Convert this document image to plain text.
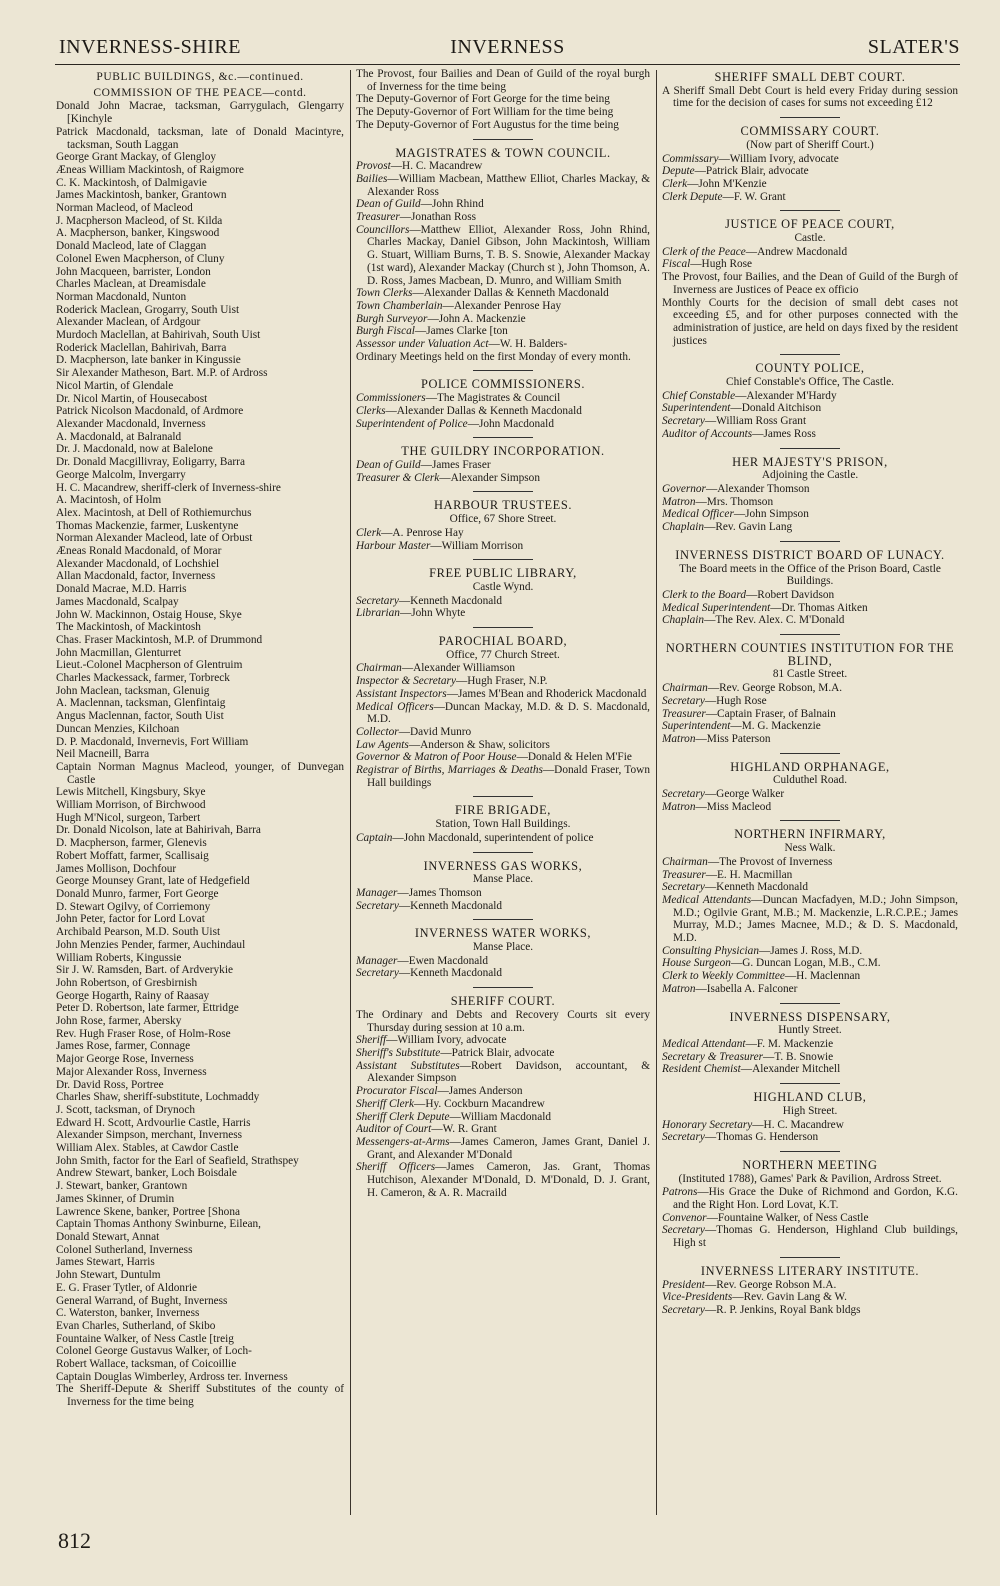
INVERNESS-SHIRE	INVERNESS	SLATER'S
PUBLIC BUILDINGS, &c.—continued.
COMMISSION OF THE PEACE—contd.
Donald John Macrae, tacksman, Garrygulach, Glengarry [Kinchyle
Patrick Macdonald, tacksman, late of Donald Macintyre, tacksman, South Laggan
George Grant Mackay, of Glengloy
Æneas William Mackintosh, of Raigmore
C. K. Mackintosh, of Dalmigavie
James Mackintosh, banker, Grantown
Norman Macleod, of Macleod
J. Macpherson Macleod, of St. Kilda
A. Macpherson, banker, Kingswood
Donald Macleod, late of Claggan
Colonel Ewen Macpherson, of Cluny
John Macqueen, barrister, London
Charles Maclean, at Dreamisdale
Norman Macdonald, Nunton
Roderick Maclean, Grogarry, South Uist
Alexander Maclean, of Ardgour
Murdoch Maclellan, at Bahirivah, South Uist
Roderick Maclellan, Bahirivah, Barra
D. Macpherson, late banker in Kingussie
Sir Alexander Matheson, Bart. M.P. of Ardross
Nicol Martin, of Glendale
Dr. Nicol Martin, of Housecabost
Patrick Nicolson Macdonald, of Ardmore
Alexander Macdonald, Inverness
A. Macdonald, at Balranald
Dr. J. Macdonald, now at Balelone
Dr. Donald Macgillivray, Eoligarry, Barra
George Malcolm, Invergarry
H. C. Macandrew, sheriff-clerk of Inverness-shire
A. Macintosh, of Holm
Alex. Macintosh, at Dell of Rothiemurchus
Thomas Mackenzie, farmer, Luskentyne
Norman Alexander Macleod, late of Orbust
Æneas Ronald Macdonald, of Morar
Alexander Macdonald, of Lochshiel
Allan Macdonald, factor, Inverness
Donald Macrae, M.D. Harris
James Macdonald, Scalpay
John W. Mackinnon, Ostaig House, Skye
The Mackintosh, of Mackintosh
Chas. Fraser Mackintosh, M.P. of Drummond
John Macmillan, Glenturret
Lieut.-Colonel Macpherson of Glentruim
Charles Mackessack, farmer, Torbreck
John Maclean, tacksman, Glenuig
A. Maclennan, tacksman, Glenfintaig
Angus Maclennan, factor, South Uist
Duncan Menzies, Kilchoan
D. P. Macdonald, Invernevis, Fort William
Neil Macneill, Barra
Captain Norman Magnus Macleod, younger, of Dunvegan Castle
Lewis Mitchell, Kingsbury, Skye
William Morrison, of Birchwood
Hugh M'Nicol, surgeon, Tarbert
Dr. Donald Nicolson, late at Bahirivah, Barra
D. Macpherson, farmer, Glenevis
Robert Moffatt, farmer, Scallisaig
James Mollison, Dochfour
George Mounsey Grant, late of Hedgefield
Donald Munro, farmer, Fort George
D. Stewart Ogilvy, of Corriemony
John Peter, factor for Lord Lovat
Archibald Pearson, M.D. South Uist
John Menzies Pender, farmer, Auchindaul
William Roberts, Kingussie
Sir J. W. Ramsden, Bart. of Ardverykie
John Robertson, of Gresbirnish
George Hogarth, Rainy of Raasay
Peter D. Robertson, late farmer, Ettridge
John Rose, farmer, Abersky
Rev. Hugh Fraser Rose, of Holm-Rose
James Rose, farmer, Connage
Major George Rose, Inverness
Major Alexander Ross, Inverness
Dr. David Ross, Portree
Charles Shaw, sheriff-substitute, Lochmaddy
J. Scott, tacksman, of Drynoch
Edward H. Scott, Ardvourlie Castle, Harris
Alexander Simpson, merchant, Inverness
William Alex. Stables, at Cawdor Castle
John Smith, factor for the Earl of Seafield, Strathspey
Andrew Stewart, banker, Loch Boisdale
J. Stewart, banker, Grantown
James Skinner, of Drumin
Lawrence Skene, banker, Portree [Shona
Captain Thomas Anthony Swinburne, Eilean,
Donald Stewart, Annat
Colonel Sutherland, Inverness
James Stewart, Harris
John Stewart, Duntulm
E. G. Fraser Tytler, of Aldonrie
General Warrand, of Bught, Inverness
C. Waterston, banker, Inverness
Evan Charles, Sutherland, of Skibo
Fountaine Walker, of Ness Castle [treig
Colonel George Gustavus Walker, of Loch-
Robert Wallace, tacksman, of Coicoillie
Captain Douglas Wimberley, Ardross ter. Inverness
The Sheriff-Depute & Sheriff Substitutes of the county of Inverness for the time being
The Provost, four Bailies and Dean of Guild of the royal burgh of Inverness for the time being
The Deputy-Governor of Fort George for the time being
The Deputy-Governor of Fort William for the time being
The Deputy-Governor of Fort Augustus for the time being
MAGISTRATES & TOWN COUNCIL.
Provost—H. C. Macandrew
Bailies—William Macbean, Matthew Elliot, Charles Mackay, & Alexander Ross
Dean of Guild—John Rhind
Treasurer—Jonathan Ross
Councillors—Matthew Elliot, Alexander Ross, John Rhind, Charles Mackay, Daniel Gibson, John Mackintosh, William G. Stuart, William Burns, T. B. S. Snowie, Alexander Mackay (1st ward), Alexander Mackay (Church st ), John Thomson, A. D. Ross, James Macbean, D. Munro, and William Smith
Town Clerks—Alexander Dallas & Kenneth Macdonald
Town Chamberlain—Alexander Penrose Hay
Burgh Surveyor—John A. Mackenzie
Burgh Fiscal—James Clarke [ton
Assessor under Valuation Act—W. H. Balders-
Ordinary Meetings held on the first Monday of every month.
POLICE COMMISSIONERS.
Commissioners—The Magistrates & Council
Clerks—Alexander Dallas & Kenneth Macdonald
Superintendent of Police—John Macdonald
THE GUILDRY INCORPORATION.
Dean of Guild—James Fraser
Treasurer & Clerk—Alexander Simpson
HARBOUR TRUSTEES.
Office, 67 Shore Street.
Clerk—A. Penrose Hay
Harbour Master—William Morrison
FREE PUBLIC LIBRARY,
Castle Wynd.
Secretary—Kenneth Macdonald
Librarian—John Whyte
PAROCHIAL BOARD,
Office, 77 Church Street.
Chairman—Alexander Williamson
Inspector & Secretary—Hugh Fraser, N.P.
Assistant Inspectors—James M'Bean and Rhoderick Macdonald
Medical Officers—Duncan Mackay, M.D. & D. S. Macdonald, M.D.
Collector—David Munro
Law Agents—Anderson & Shaw, solicitors
Governor & Matron of Poor House—Donald & Helen M'Fie
Registrar of Births, Marriages & Deaths—Donald Fraser, Town Hall buildings
FIRE BRIGADE,
Station, Town Hall Buildings.
Captain—John Macdonald, superintendent of police
INVERNESS GAS WORKS,
Manse Place.
Manager—James Thomson
Secretary—Kenneth Macdonald
INVERNESS WATER WORKS,
Manse Place.
Manager—Ewen Macdonald
Secretary—Kenneth Macdonald
SHERIFF COURT.
The Ordinary and Debts and Recovery Courts sit every Thursday during session at 10 a.m.
Sheriff—William Ivory, advocate
Sheriff's Substitute—Patrick Blair, advocate
Assistant Substitutes—Robert Davidson, accountant, & Alexander Simpson
Procurator Fiscal—James Anderson
Sheriff Clerk—Hy. Cockburn Macandrew
Sheriff Clerk Depute—William Macdonald
Auditor of Court—W. R. Grant
Messengers-at-Arms—James Cameron, James Grant, Daniel J. Grant, and Alexander M'Donald
Sheriff Officers—James Cameron, Jas. Grant, Thomas Hutchison, Alexander M'Donald, D. M'Donald, D. J. Grant, H. Cameron, & A. R. Macraild
SHERIFF SMALL DEBT COURT.
A Sheriff Small Debt Court is held every Friday during session time for the decision of cases for sums not exceeding £12
COMMISSARY COURT.
(Now part of Sheriff Court.)
Commissary—William Ivory, advocate
Depute—Patrick Blair, advocate
Clerk—John M'Kenzie
Clerk Depute—F. W. Grant
JUSTICE OF PEACE COURT,
Castle.
Clerk of the Peace—Andrew Macdonald
Fiscal—Hugh Rose
The Provost, four Bailies, and the Dean of Guild of the Burgh of Inverness are Justices of Peace ex officio
Monthly Courts for the decision of small debt cases not exceeding £5, and for other purposes connected with the administration of justice, are held on days fixed by the resident justices
COUNTY POLICE,
Chief Constable's Office, The Castle.
Chief Constable—Alexander M'Hardy
Superintendent—Donald Aitchison
Secretary—William Ross Grant
Auditor of Accounts—James Ross
HER MAJESTY'S PRISON,
Adjoining the Castle.
Governor—Alexander Thomson
Matron—Mrs. Thomson
Medical Officer—John Simpson
Chaplain—Rev. Gavin Lang
INVERNESS DISTRICT BOARD OF LUNACY.
The Board meets in the Office of the Prison Board, Castle Buildings.
Clerk to the Board—Robert Davidson
Medical Superintendent—Dr. Thomas Aitken
Chaplain—The Rev. Alex. C. M'Donald
NORTHERN COUNTIES INSTITUTION FOR THE BLIND,
81 Castle Street.
Chairman—Rev. George Robson, M.A.
Secretary—Hugh Rose
Treasurer—Captain Fraser, of Balnain
Superintendent—M. G. Mackenzie
Matron—Miss Paterson
HIGHLAND ORPHANAGE,
Culduthel Road.
Secretary—George Walker
Matron—Miss Macleod
NORTHERN INFIRMARY,
Ness Walk.
Chairman—The Provost of Inverness
Treasurer—E. H. Macmillan
Secretary—Kenneth Macdonald
Medical Attendants—Duncan Macfadyen, M.D.; John Simpson, M.D.; Ogilvie Grant, M.B.; M. Mackenzie, L.R.C.P.E.; James Murray, M.D.; James Macnee, M.D.; & D. S. Macdonald, M.D.
Consulting Physician—James J. Ross, M.D.
House Surgeon—G. Duncan Logan, M.B., C.M.
Clerk to Weekly Committee—H. Maclennan
Matron—Isabella A. Falconer
INVERNESS DISPENSARY,
Huntly Street.
Medical Attendant—F. M. Mackenzie
Secretary & Treasurer—T. B. Snowie
Resident Chemist—Alexander Mitchell
HIGHLAND CLUB,
High Street.
Honorary Secretary—H. C. Macandrew
Secretary—Thomas G. Henderson
NORTHERN MEETING
(Instituted 1788), Games' Park & Pavilion, Ardross Street.
Patrons—His Grace the Duke of Richmond and Gordon, K.G. and the Right Hon. Lord Lovat, K.T.
Convenor—Fountaine Walker, of Ness Castle
Secretary—Thomas G. Henderson, Highland Club buildings, High st
INVERNESS LITERARY INSTITUTE.
President—Rev. George Robson M.A.
Vice-Presidents—Rev. Gavin Lang & W.
Secretary—R. P. Jenkins, Royal Bank bldgs
812
